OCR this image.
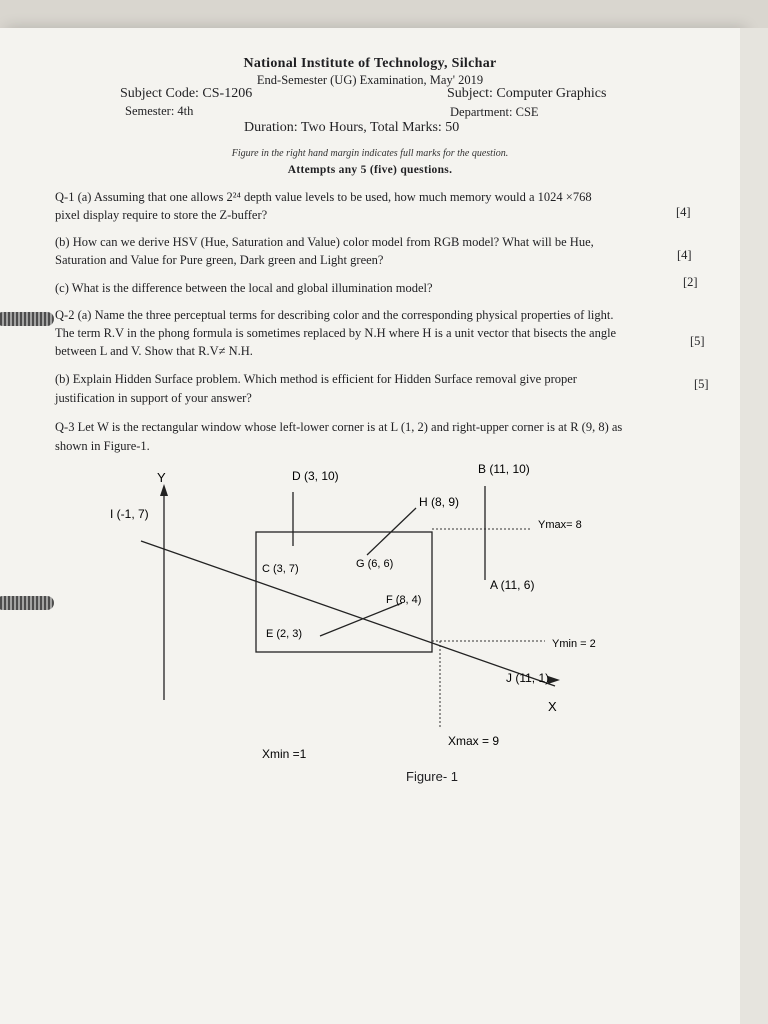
National Institute of Technology, Silchar
End-Semester (UG) Examination, May' 2019
Subject Code: CS-1206	Subject: Computer Graphics
Semester: 4th	Department: CSE
Duration: Two Hours, Total Marks: 50
Figure in the right hand margin indicates full marks for the question.
Attempts any 5 (five) questions.
Q-1 (a) Assuming that one allows 2²⁴ depth value levels to be used, how much memory would a 1024 ×768
pixel display require to store the Z-buffer?	[4]
(b) How can we derive HSV (Hue, Saturation and Value) color model from RGB model? What will be Hue,
Saturation and Value for Pure green, Dark green and Light green?	[4]
(c) What is the difference between the local and global illumination model?	[2]
Q-2 (a) Name the three perceptual terms for describing color and the corresponding physical properties of light.
The term R.V in the phong formula is sometimes replaced by N.H where H is a unit vector that bisects the angle
between L and V. Show that R.V≠ N.H.
[5]
(b) Explain Hidden Surface problem. Which method is efficient for Hidden Surface removal give proper
justification in support of your answer?
[5]
Q-3 Let W is the rectangular window whose left-lower corner is at L (1, 2) and right-upper corner is at R (9, 8) as
shown in Figure-1.
Y
X
D (3, 10)	B (11, 10)
I (-1, 7)
H (8, 9)
Ymax= 8
C (3, 7)	G (6, 6)
A (11, 6)
F (8, 4)
E (2, 3)
Ymin = 2
J (11, 1)
Xmin =1
Xmax = 9
Figure- 1
